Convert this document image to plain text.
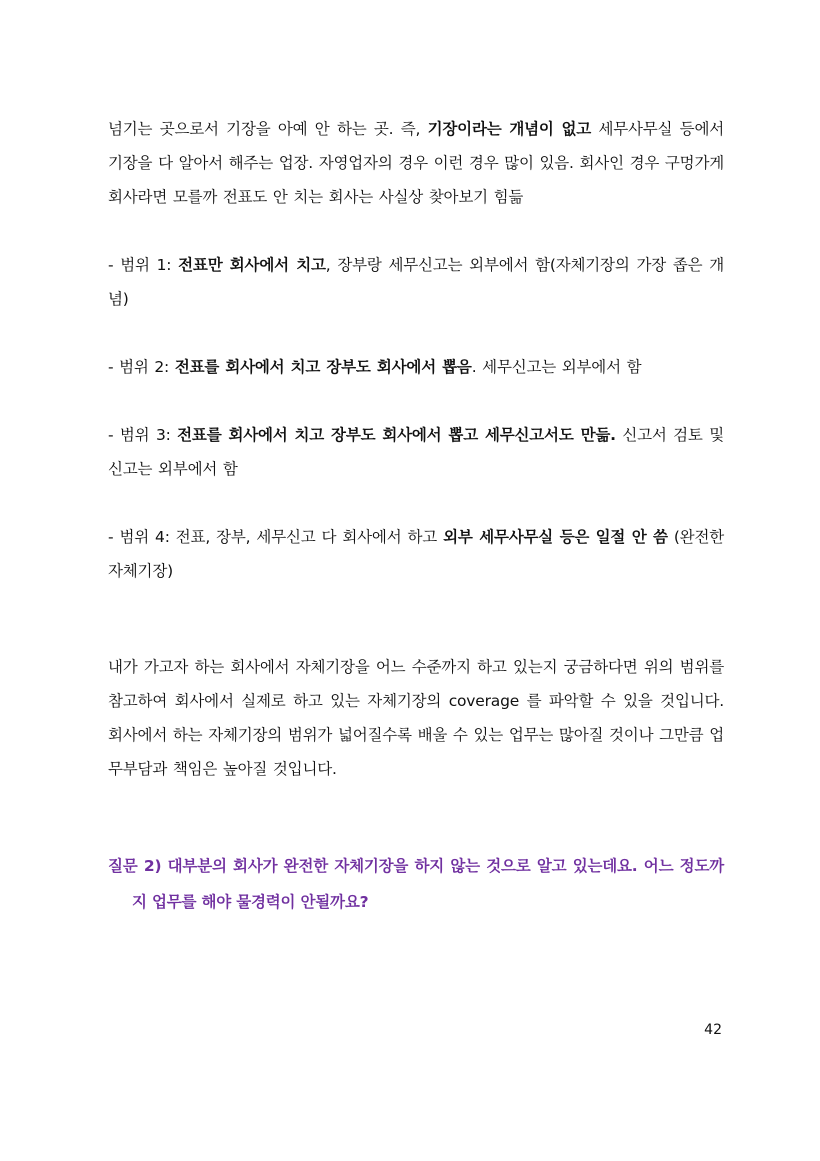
넘기는 곳으로서 기장을 아예 안 하는 곳. 즉, 기장이라는 개념이 없고 세무사무실 등에서 기장을 다 알아서 해주는 업장. 자영업자의 경우 이런 경우 많이 있음. 회사인 경우 구멍가게 회사라면 모를까 전표도 안 치는 회사는 사실상 찾아보기 힘듦

- 범위 1: 전표만 회사에서 치고, 장부랑 세무신고는 외부에서 함(자체기장의 가장 좁은 개념)

- 범위 2: 전표를 회사에서 치고 장부도 회사에서 뽑음. 세무신고는 외부에서 함

- 범위 3: 전표를 회사에서 치고 장부도 회사에서 뽑고 세무신고서도 만듦. 신고서 검토 및 신고는 외부에서 함

- 범위 4: 전표, 장부, 세무신고 다 회사에서 하고 외부 세무사무실 등은 일절 안 씀 (완전한 자체기장)

내가 가고자 하는 회사에서 자체기장을 어느 수준까지 하고 있는지 궁금하다면 위의 범위를 참고하여 회사에서 실제로 하고 있는 자체기장의 coverage 를 파악할 수 있을 것입니다. 회사에서 하는 자체기장의 범위가 넓어질수록 배울 수 있는 업무는 많아질 것이나 그만큼 업무부담과 책임은 높아질 것입니다.

질문 2) 대부분의 회사가 완전한 자체기장을 하지 않는 것으로 알고 있는데요. 어느 정도까지 업무를 해야 물경력이 안될까요?

42
